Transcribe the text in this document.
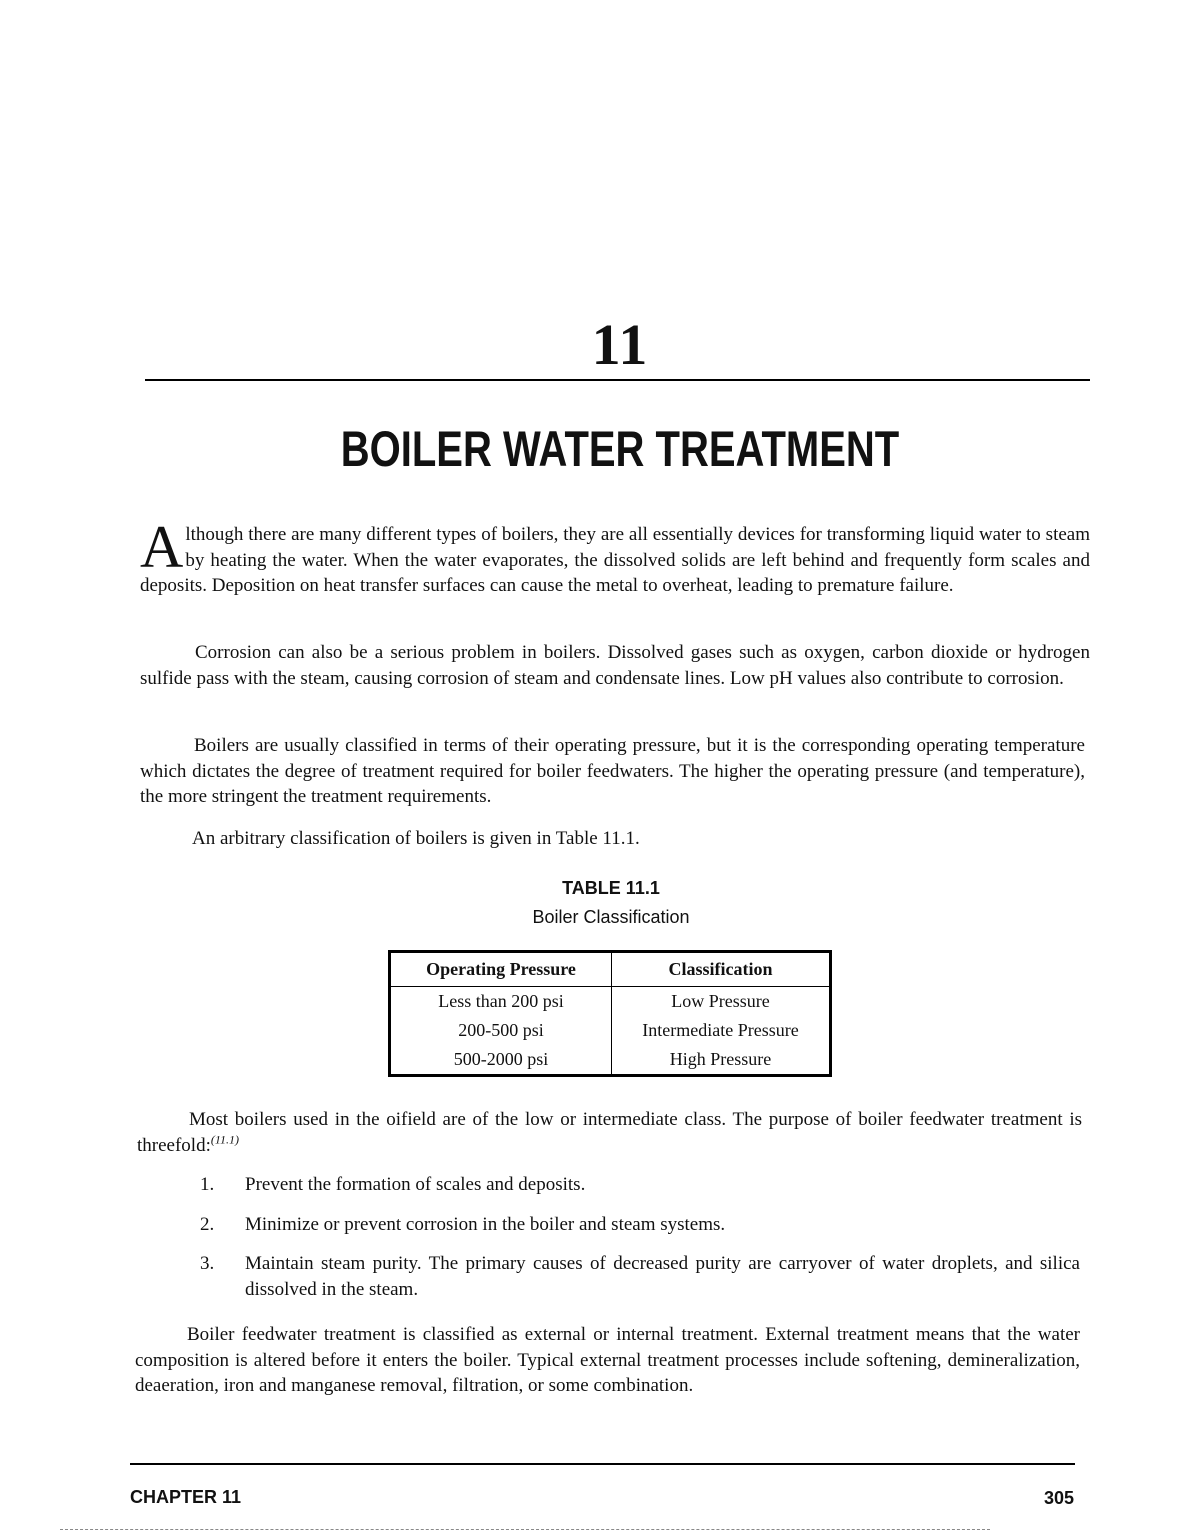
11
BOILER WATER TREATMENT

Although there are many different types of boilers, they are all essentially devices for transforming liquid water to steam by heating the water. When the water evaporates, the dissolved solids are left behind and frequently form scales and deposits. Deposition on heat transfer surfaces can cause the metal to overheat, leading to premature failure.

Corrosion can also be a serious problem in boilers. Dissolved gases such as oxygen, carbon dioxide or hydrogen sulfide pass with the steam, causing corrosion of steam and condensate lines. Low pH values also contribute to corrosion.

Boilers are usually classified in terms of their operating pressure, but it is the corresponding operating temperature which dictates the degree of treatment required for boiler feedwaters. The higher the operating pressure (and temperature), the more stringent the treatment requirements.

An arbitrary classification of boilers is given in Table 11.1.

TABLE 11.1

Boiler Classification

Operating Pressure	Classification
Less than 200 psi	Low Pressure
200-500 psi	Intermediate Pressure
500-2000 psi	High Pressure

Most boilers used in the oifield are of the low or intermediate class. The purpose of boiler feedwater treatment is threefold:$^{(11.1)}$

1. Prevent the formation of scales and deposits.
2. Minimize or prevent corrosion in the boiler and steam systems.
3. Maintain steam purity. The primary causes of decreased purity are carryover of water droplets, and silica dissolved in the steam.

Boiler feedwater treatment is classified as external or internal treatment. External treatment means that the water composition is altered before it enters the boiler. Typical external treatment processes include softening, demineralization, deaeration, iron and manganese removal, filtration, or some combination.

CHAPTER 11	305
